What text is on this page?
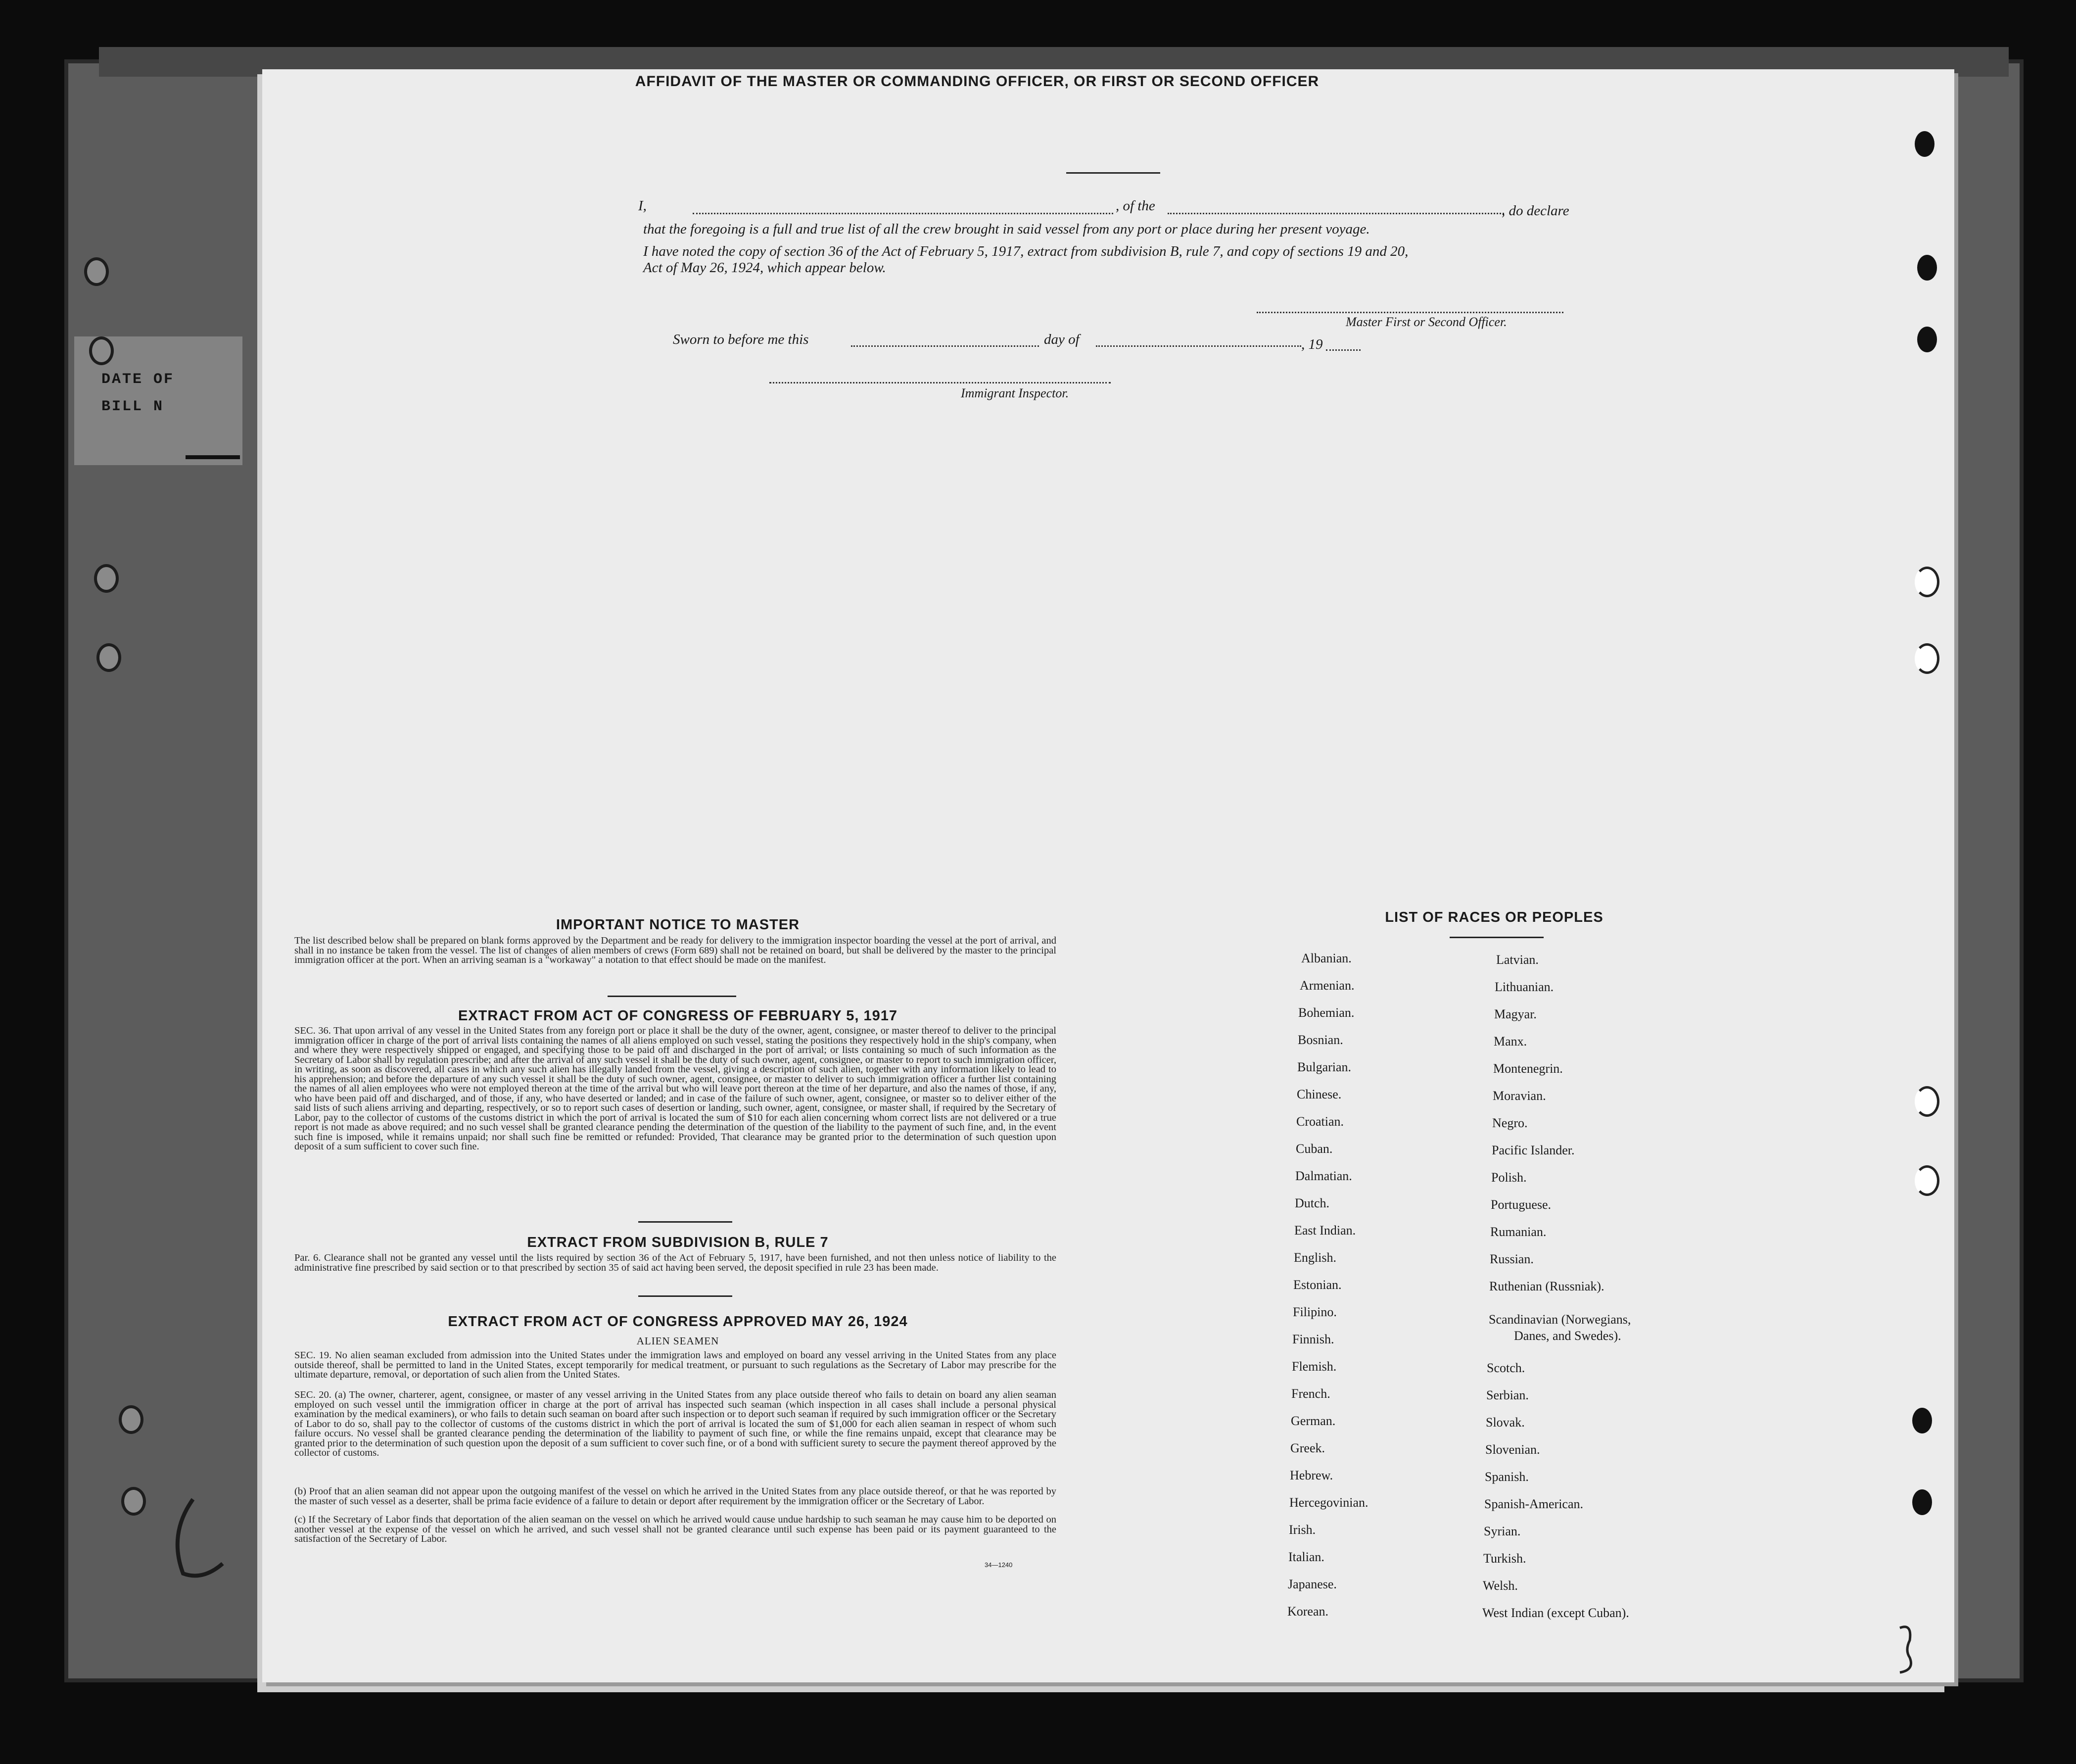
DATE OF
BILL N
AFFIDAVIT OF THE MASTER OR COMMANDING OFFICER, OR FIRST OR SECOND OFFICER
I,	, of the	, do declare
that the foregoing is a full and true list of all the crew brought in said vessel from any port or place during her present voyage.
I have noted the copy of section 36 of the Act of February 5, 1917, extract from subdivision B, rule 7, and copy of sections 19 and 20,
Act of May 26, 1924, which appear below.
Master First or Second Officer.
Sworn to before me this	day of	, 19
Immigrant Inspector.
IMPORTANT NOTICE TO MASTER
The list described below shall be prepared on blank forms approved by the Department and be ready for delivery to the immigration inspector boarding the vessel at the port of arrival, and shall in no instance be taken from the vessel. The list of changes of alien members of crews (Form 689) shall not be retained on board, but shall be delivered by the master to the principal immigration officer at the port. When an arriving seaman is a "workaway" a notation to that effect should be made on the manifest.
EXTRACT FROM ACT OF CONGRESS OF FEBRUARY 5, 1917
SEC. 36. That upon arrival of any vessel in the United States from any foreign port or place it shall be the duty of the owner, agent, consignee, or master thereof to deliver to the principal immigration officer in charge of the port of arrival lists containing the names of all aliens employed on such vessel, stating the positions they respectively hold in the ship's company, when and where they were respectively shipped or engaged, and specifying those to be paid off and discharged in the port of arrival; or lists containing so much of such information as the Secretary of Labor shall by regulation prescribe; and after the arrival of any such vessel it shall be the duty of such owner, agent, consignee, or master to report to such immigration officer, in writing, as soon as discovered, all cases in which any such alien has illegally landed from the vessel, giving a description of such alien, together with any information likely to lead to his apprehension; and before the departure of any such vessel it shall be the duty of such owner, agent, consignee, or master to deliver to such immigration officer a further list containing the names of all alien employees who were not employed thereon at the time of the arrival but who will leave port thereon at the time of her departure, and also the names of those, if any, who have been paid off and discharged, and of those, if any, who have deserted or landed; and in case of the failure of such owner, agent, consignee, or master so to deliver either of the said lists of such aliens arriving and departing, respectively, or so to report such cases of desertion or landing, such owner, agent, consignee, or master shall, if required by the Secretary of Labor, pay to the collector of customs of the customs district in which the port of arrival is located the sum of $10 for each alien concerning whom correct lists are not delivered or a true report is not made as above required; and no such vessel shall be granted clearance pending the determination of the question of the liability to the payment of such fine, and, in the event such fine is imposed, while it remains unpaid; nor shall such fine be remitted or refunded: Provided, That clearance may be granted prior to the determination of such question upon deposit of a sum sufficient to cover such fine.
EXTRACT FROM SUBDIVISION B, RULE 7
Par. 6. Clearance shall not be granted any vessel until the lists required by section 36 of the Act of February 5, 1917, have been furnished, and not then unless notice of liability to the administrative fine prescribed by said section or to that prescribed by section 35 of said act having been served, the deposit specified in rule 23 has been made.
EXTRACT FROM ACT OF CONGRESS APPROVED MAY 26, 1924
ALIEN SEAMEN
SEC. 19. No alien seaman excluded from admission into the United States under the immigration laws and employed on board any vessel arriving in the United States from any place outside thereof, shall be permitted to land in the United States, except temporarily for medical treatment, or pursuant to such regulations as the Secretary of Labor may prescribe for the ultimate departure, removal, or deportation of such alien from the United States.
SEC. 20. (a) The owner, charterer, agent, consignee, or master of any vessel arriving in the United States from any place outside thereof who fails to detain on board any alien seaman employed on such vessel until the immigration officer in charge at the port of arrival has inspected such seaman (which inspection in all cases shall include a personal physical examination by the medical examiners), or who fails to detain such seaman on board after such inspection or to deport such seaman if required by such immigration officer or the Secretary of Labor to do so, shall pay to the collector of customs of the customs district in which the port of arrival is located the sum of $1,000 for each alien seaman in respect of whom such failure occurs. No vessel shall be granted clearance pending the determination of the liability to payment of such fine, or while the fine remains unpaid, except that clearance may be granted prior to the determination of such question upon the deposit of a sum sufficient to cover such fine, or of a bond with sufficient surety to secure the payment thereof approved by the collector of customs.
(b) Proof that an alien seaman did not appear upon the outgoing manifest of the vessel on which he arrived in the United States from any place outside thereof, or that he was reported by the master of such vessel as a deserter, shall be prima facie evidence of a failure to detain or deport after requirement by the immigration officer or the Secretary of Labor.
(c) If the Secretary of Labor finds that deportation of the alien seaman on the vessel on which he arrived would cause undue hardship to such seaman he may cause him to be deported on another vessel at the expense of the vessel on which he arrived, and such vessel shall not be granted clearance until such expense has been paid or its payment guaranteed to the satisfaction of the Secretary of Labor.
34—1240
LIST OF RACES OR PEOPLES
Albanian.
Armenian.
Bohemian.
Bosnian.
Bulgarian.
Chinese.
Croatian.
Cuban.
Dalmatian.
Dutch.
East Indian.
English.
Estonian.
Filipino.
Finnish.
Flemish.
French.
German.
Greek.
Hebrew.
Hercegovinian.
Irish.
Italian.
Japanese.
Korean.
Latvian.
Lithuanian.
Magyar.
Manx.
Montenegrin.
Moravian.
Negro.
Pacific Islander.
Polish.
Portuguese.
Rumanian.
Russian.
Ruthenian (Russniak).
Scandinavian (Norwegians,
Danes, and Swedes).
Scotch.
Serbian.
Slovak.
Slovenian.
Spanish.
Spanish-American.
Syrian.
Turkish.
Welsh.
West Indian (except Cuban).
